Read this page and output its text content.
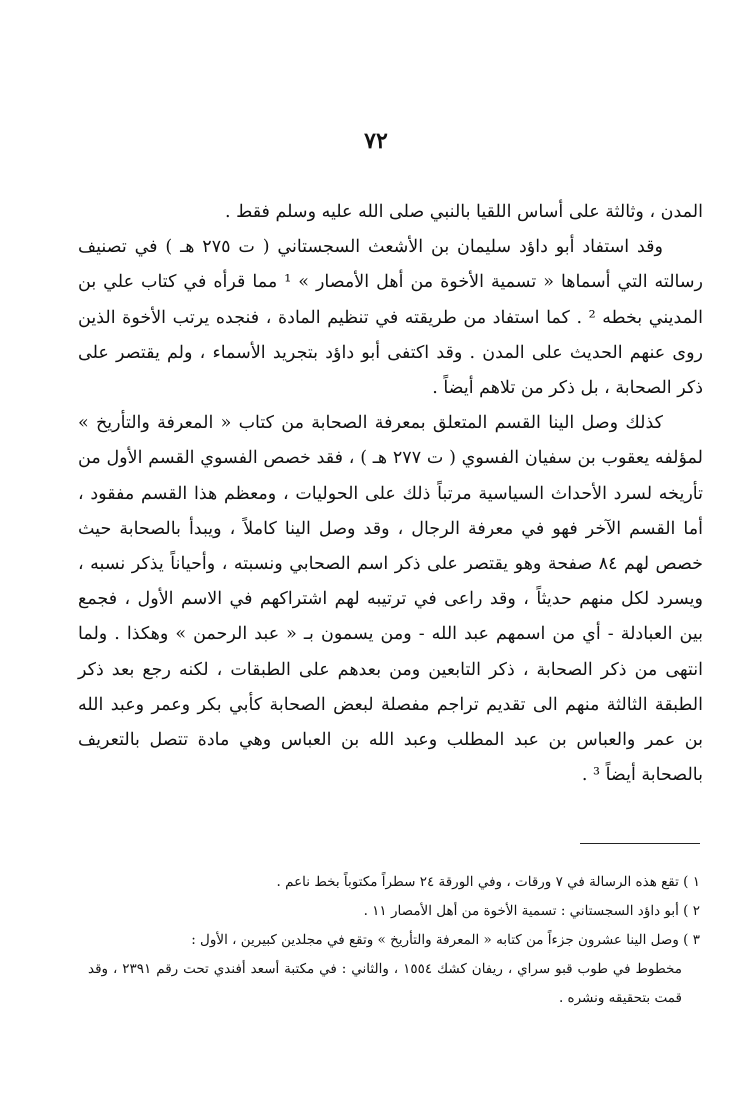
٧٢

المدن ، وثالثة على أساس اللقيا بالنبي صلى الله عليه وسلم فقط .

وقد استفاد أبو داؤد سليمان بن الأشعث السجستاني ( ت ٢٧٥ هـ ) في تصنيف رسالته التي أسماها « تسمية الأخوة من أهل الأمصار » ¹ مما قرأه في كتاب علي بن المديني بخطه ² . كما استفاد من طريقته في تنظيم المادة ، فنجده يرتب الأخوة الذين روى عنهم الحديث على المدن . وقد اكتفى أبو داؤد بتجريد الأسماء ، ولم يقتصر على ذكر الصحابة ، بل ذكر من تلاهم أيضاً .

كذلك وصل الينا القسم المتعلق بمعرفة الصحابة من كتاب « المعرفة والتأريخ » لمؤلفه يعقوب بن سفيان الفسوي ( ت ٢٧٧ هـ ) ، فقد خصص الفسوي القسم الأول من تأريخه لسرد الأحداث السياسية مرتباً ذلك على الحوليات ، ومعظم هذا القسم مفقود ، أما القسم الآخر فهو في معرفة الرجال ، وقد وصل الينا كاملاً ، ويبدأ بالصحابة حيث خصص لهم ٨٤ صفحة وهو يقتصر على ذكر اسم الصحابي ونسبته ، وأحياناً يذكر نسبه ، ويسرد لكل منهم حديثاً ، وقد راعى في ترتيبه لهم اشتراكهم في الاسم الأول ، فجمع بين العبادلة - أي من اسمهم عبد الله - ومن يسمون بـ « عبد الرحمن » وهكذا . ولما انتهى من ذكر الصحابة ، ذكر التابعين ومن بعدهم على الطبقات ، لكنه رجع بعد ذكر الطبقة الثالثة منهم الى تقديم تراجم مفصلة لبعض الصحابة كأبي بكر وعمر وعبد الله بن عمر والعباس بن عبد المطلب وعبد الله بن العباس وهي مادة تتصل بالتعريف بالصحابة أيضاً ³ .

١ ) تقع هذه الرسالة في ٧ ورقات ، وفي الورقة ٢٤ سطراً مكتوباً بخط ناعم .

٢ ) أبو داؤد السجستاني : تسمية الأخوة من أهل الأمصار ١١ .

٣ ) وصل الينا عشرون جزءاً من كتابه « المعرفة والتأريخ » وتقع في مجلدين كبيرين ، الأول :

مخطوط في طوب قبو سراي ، ريفان كشك ١٥٥٤ ، والثاني : في مكتبة أسعد أفندي تحت رقم ٢٣٩١ ، وقد قمت بتحقيقه ونشره .
